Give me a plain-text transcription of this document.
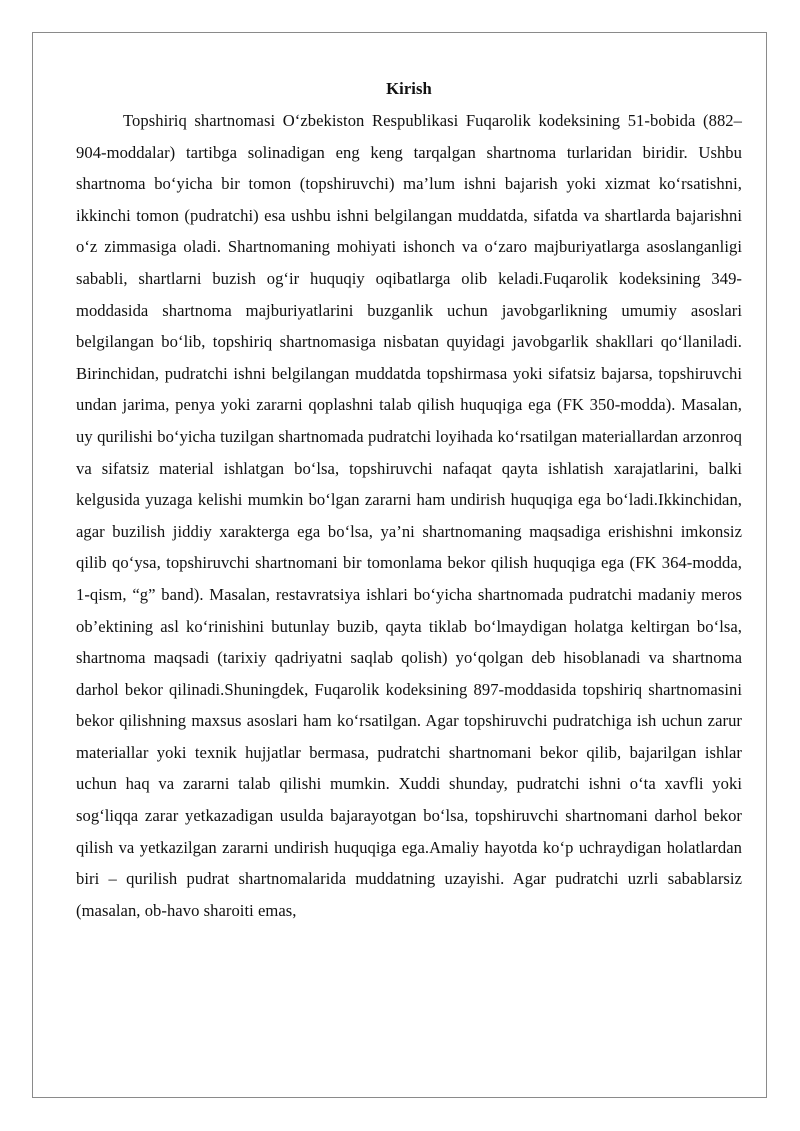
Kirish

Topshiriq shartnomasi O‘zbekiston Respublikasi Fuqarolik kodeksining 51-bobida (882–904-moddalar) tartibga solinadigan eng keng tarqalgan shartnoma turlaridan biridir. Ushbu shartnoma bo‘yicha bir tomon (topshiruvchi) ma’lum ishni bajarish yoki xizmat ko‘rsatishni, ikkinchi tomon (pudratchi) esa ushbu ishni belgilangan muddatda, sifatda va shartlarda bajarishni o‘z zimmasiga oladi. Shartnomaning mohiyati ishonch va o‘zaro majburiyatlarga asoslanganligi sababli, shartlarni buzish og‘ir huquqiy oqibatlarga olib keladi.Fuqarolik kodeksining 349-moddasida shartnoma majburiyatlarini buzganlik uchun javobgarlikning umumiy asoslari belgilangan bo‘lib, topshiriq shartnomasiga nisbatan quyidagi javobgarlik shakllari qo‘llaniladi. Birinchidan, pudratchi ishni belgilangan muddatda topshirmasa yoki sifatsiz bajarsa, topshiruvchi undan jarima, penya yoki zararni qoplashni talab qilish huquqiga ega (FK 350-modda). Masalan, uy qurilishi bo‘yicha tuzilgan shartnomada pudratchi loyihada ko‘rsatilgan materiallardan arzonroq va sifatsiz material ishlatgan bo‘lsa, topshiruvchi nafaqat qayta ishlatish xarajatlarini, balki kelgusida yuzaga kelishi mumkin bo‘lgan zararni ham undirish huquqiga ega bo‘ladi.Ikkinchidan, agar buzilish jiddiy xarakterga ega bo‘lsa, ya’ni shartnomaning maqsadiga erishishni imkonsiz qilib qo‘ysa, topshiruvchi shartnomani bir tomonlama bekor qilish huquqiga ega (FK 364-modda, 1-qism, “g” band). Masalan, restavratsiya ishlari bo‘yicha shartnomada pudratchi madaniy meros ob’ektining asl ko‘rinishini butunlay buzib, qayta tiklab bo‘lmaydigan holatga keltirgan bo‘lsa, shartnoma maqsadi (tarixiy qadriyatni saqlab qolish) yo‘qolgan deb hisoblanadi va shartnoma darhol bekor qilinadi.Shuningdek, Fuqarolik kodeksining 897-moddasida topshiriq shartnomasini bekor qilishning maxsus asoslari ham ko‘rsatilgan. Agar topshiruvchi pudratchiga ish uchun zarur materiallar yoki texnik hujjatlar bermasa, pudratchi shartnomani bekor qilib, bajarilgan ishlar uchun haq va zararni talab qilishi mumkin. Xuddi shunday, pudratchi ishni o‘ta xavfli yoki sog‘liqqa zarar yetkazadigan usulda bajarayotgan bo‘lsa, topshiruvchi shartnomani darhol bekor qilish va yetkazilgan zararni undirish huquqiga ega.Amaliy hayotda ko‘p uchraydigan holatlardan biri – qurilish pudrat shartnomalarida muddatning uzayishi. Agar pudratchi uzrli sabablarsiz (masalan, ob-havo sharoiti emas,
